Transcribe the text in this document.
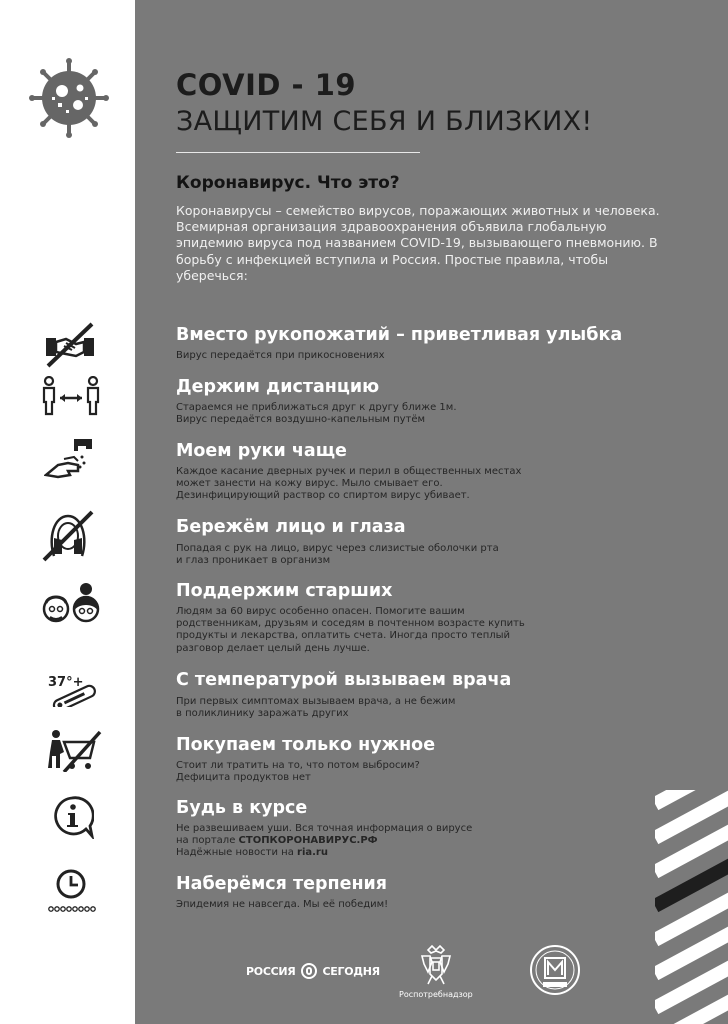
COVID - 19
ЗАЩИТИМ СЕБЯ И БЛИЗКИХ!
Коронавирус. Что это?
Коронавирусы – семейство вирусов, поражающих животных и человека. Всемирная организация здравоохранения объявила глобальную эпидемию вируса под названием COVID-19, вызывающего пневмонию. В борьбу с инфекцией вступила и Россия. Простые правила, чтобы уберечься:
Вместо рукопожатий – приветливая улыбка
Вирус передаётся при прикосновениях
Держим дистанцию
Стараемся не приближаться друг к другу ближе 1м.
Вирус передаётся воздушно-капельным путём
Моем руки чаще
Каждое касание дверных ручек и перил в общественных местах
может занести на кожу вирус. Мыло смывает его.
Дезинфицирующий раствор со спиртом вирус убивает.
Бережём лицо и глаза
Попадая с рук на лицо, вирус через слизистые оболочки рта
и глаз проникает в организм
Поддержим старших
Людям за 60 вирус особенно опасен. Помогите вашим
родственникам, друзьям и соседям в почтенном возрасте купить
продукты и лекарства, оплатить счета. Иногда просто теплый
разговор делает целый день лучше.
С температурой вызываем врача
При первых симптомах вызываем врача, а не бежим
в поликлинику заражать других
Покупаем только нужное
Стоит ли тратить на то, что потом выбросим?
Дефицита продуктов нет
Будь в курсе
Не развешиваем уши. Вся точная информация о вирусе
на портале СТОПКОРОНАВИРУС.РФ
Надёжные новости на ria.ru
Наберёмся терпения
Эпидемия не навсегда. Мы её победим!
37°+
РОССИЯ СЕГОДНЯ
Роспотребнадзор
